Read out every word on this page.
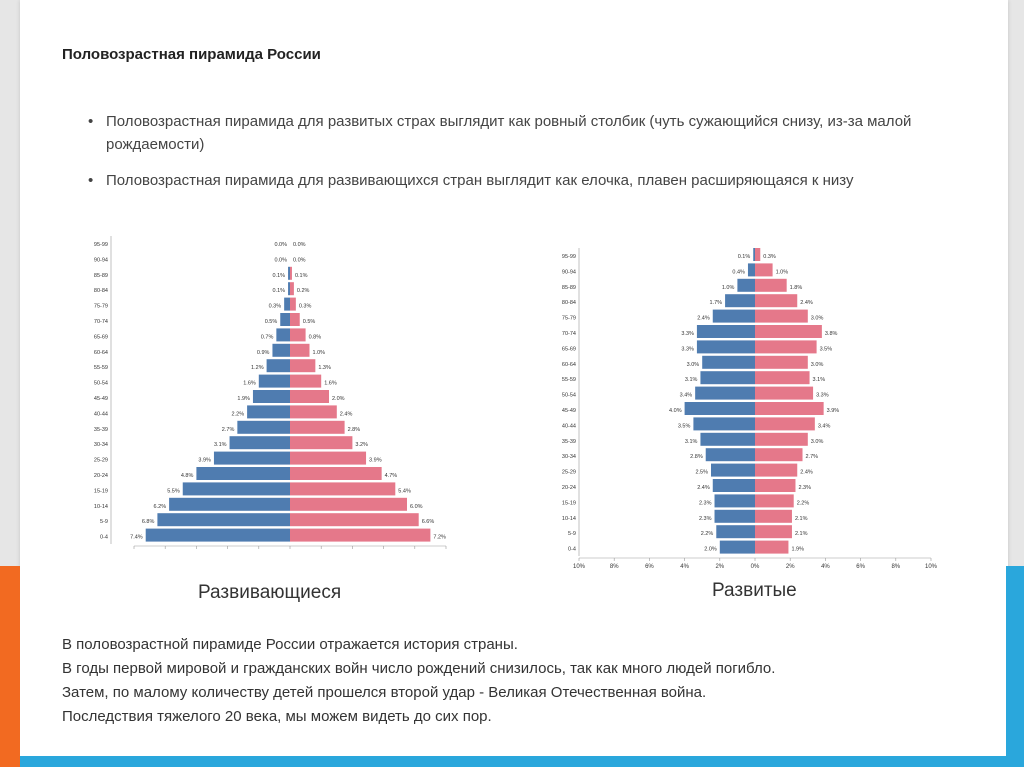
Половозрастная пирамида России
• Половозрастная пирамида для развитых страх выглядит как ровный столбик (чуть сужающийся снизу, из-за малой рождаемости)
• Половозрастная пирамида для развивающихся стран выглядит как елочка, плавен расширяющаяся к низу
95-99	0.0% 0.0%
90-94	0.0% 0.0%
85-89	0.1% 0.1%
80-84	0.1% 0.2%
75-79	0.3%	0.3%
70-74	0.5%	0.5%
65-69	0.7%	0.8%
60-64	0.9%	1.0%
55-59	1.2%	1.3%
50-54	1.6%	1.6%
45-49	1.9%	2.0%
40-44	2.2%	2.4%
35-39	2.7%	2.8%
30-34	3.1%	3.2%
25-29	3.9%	3.9%
20-24	4.8%	4.7%
15-19	5.5%	5.4%
10-14	6.2%	6.0%
5-9	6.8%	6.6%
0-4	7.4%	7.2%
Развивающиеся
95-99	0.1% 0.3%
90-94	0.4%	1.0%
85-89	1.0%	1.8%
80-84	1.7%	2.4%
75-79	2.4%	3.0%
70-74	3.3%	3.8%
65-69	3.3%	3.5%
60-64	3.0%	3.0%
55-59	3.1%	3.1%
50-54	3.4%	3.3%
45-49	4.0%	3.9%
40-44	3.5%	3.4%
35-39	3.1%	3.0%
30-34	2.8%	2.7%
25-29	2.5%	2.4%
20-24	2.4%	2.3%
15-19	2.3%	2.2%
10-14	2.3%	2.1%
5-9	2.2%	2.1%
0-4	2.0%	1.9%
10%	8%	6%	4%	2%	0%	2%	4%	6%	8%	10%
Развитые
В половозрастной пирамиде России отражается история страны.
В годы первой мировой и гражданских войн число рождений снизилось, так как много людей погибло.
Затем, по малому количеству детей прошелся второй удар - Великая Отечественная война.
Последствия тяжелого 20 века, мы можем видеть до сих пор.
